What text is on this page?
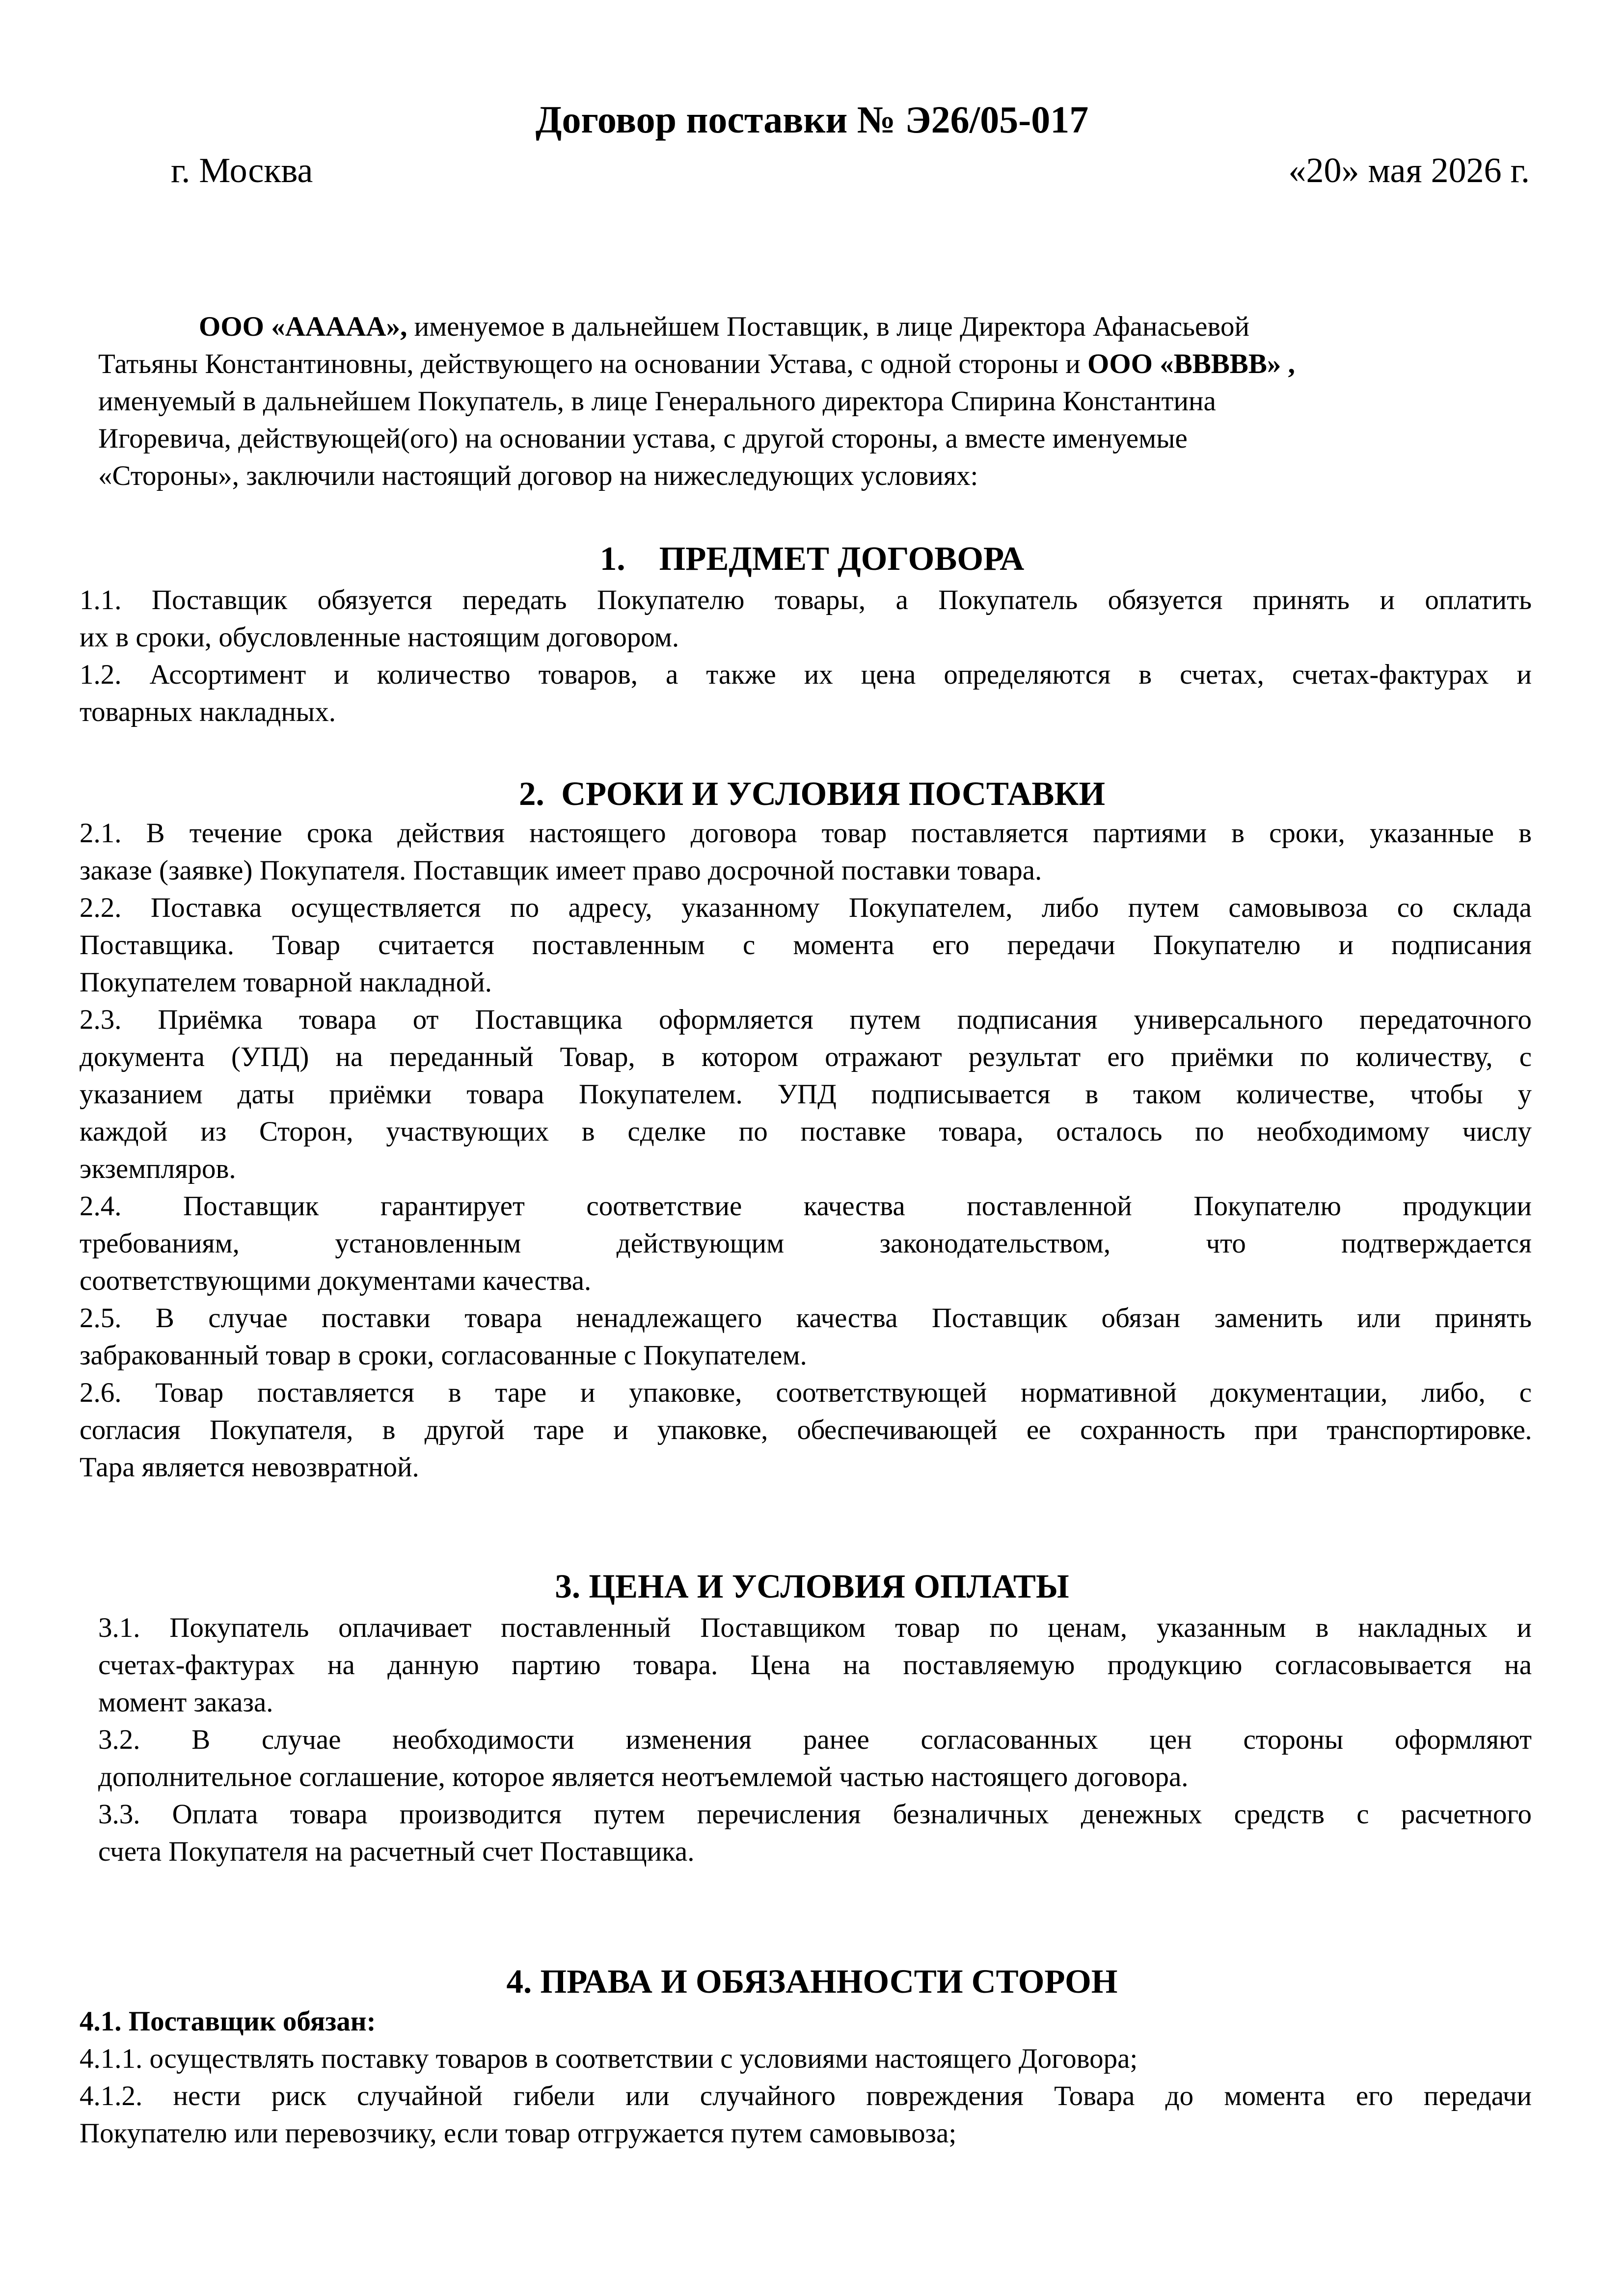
Договор поставки № Э26/05-017
г. Москва	«20» мая 2026 г.
ООО «ААААА», именуемое в дальнейшем Поставщик, в лице Директора Афанасьевой
Татьяны Константиновны, действующего на основании Устава, с одной стороны и ООО «BBBBB» ,
именуемый в дальнейшем Покупатель, в лице Генерального директора Спирина Константина
Игоревича, действующей(ого) на основании устава, с другой стороны, а вместе именуемые
«Стороны», заключили настоящий договор на нижеследующих условиях:
1.    ПРЕДМЕТ ДОГОВОРА
1.1. Поставщик обязуется передать Покупателю товары, а Покупатель обязуется принять и оплатить
их в сроки, обусловленные настоящим договором.
1.2. Ассортимент и количество товаров, а также их цена определяются в счетах, счетах-фактурах и
товарных накладных.
2.  СРОКИ И УСЛОВИЯ ПОСТАВКИ
2.1. В течение срока действия настоящего договора товар поставляется партиями в сроки, указанные в
заказе (заявке) Покупателя. Поставщик имеет право досрочной поставки товара.
2.2. Поставка осуществляется по адресу, указанному Покупателем, либо путем самовывоза со склада
Поставщика. Товар считается поставленным с момента его передачи Покупателю и подписания
Покупателем товарной накладной.
2.3. Приёмка товара от Поставщика оформляется путем подписания универсального передаточного
документа (УПД) на переданный Товар, в котором отражают результат его приёмки по количеству, с
указанием даты приёмки товара Покупателем. УПД подписывается в таком количестве, чтобы у
каждой из Сторон, участвующих в сделке по поставке товара, осталось по необходимому числу
экземпляров.
2.4. Поставщик гарантирует соответствие качества поставленной Покупателю продукции
требованиям, установленным действующим законодательством, что подтверждается
соответствующими документами качества.
2.5. В случае поставки товара ненадлежащего качества Поставщик обязан заменить или принять
забракованный товар в сроки, согласованные с Покупателем.
2.6. Товар поставляется в таре и упаковке, соответствующей нормативной документации, либо, с
согласия Покупателя, в другой таре и упаковке, обеспечивающей ее сохранность при транспортировке.
Тара является невозвратной.
3. ЦЕНА И УСЛОВИЯ ОПЛАТЫ
3.1. Покупатель оплачивает поставленный Поставщиком товар по ценам, указанным в накладных и
счетах-фактурах на данную партию товара. Цена на поставляемую продукцию согласовывается на
момент заказа.
3.2. В случае необходимости изменения ранее согласованных цен стороны оформляют
дополнительное соглашение, которое является неотъемлемой частью настоящего договора.
3.3. Оплата товара производится путем перечисления безналичных денежных средств с расчетного
счета Покупателя на расчетный счет Поставщика.
4. ПРАВА И ОБЯЗАННОСТИ СТОРОН
4.1. Поставщик обязан:
4.1.1. осуществлять поставку товаров в соответствии с условиями настоящего Договора;
4.1.2. нести риск случайной гибели или случайного повреждения Товара до момента его передачи
Покупателю или перевозчику, если товар отгружается путем самовывоза;
